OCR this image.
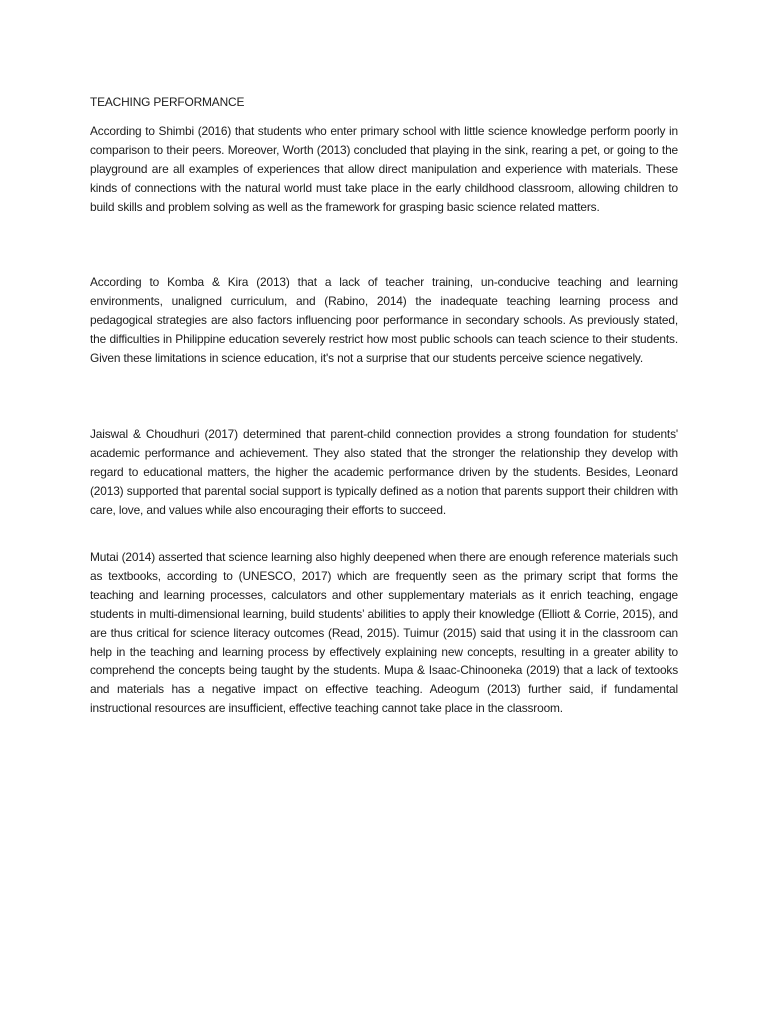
TEACHING PERFORMANCE

According to Shimbi (2016) that students who enter primary school with little science knowledge perform poorly in comparison to their peers. Moreover, Worth (2013) concluded that playing in the sink, rearing a pet, or going to the playground are all examples of experiences that allow direct manipulation and experience with materials. These kinds of connections with the natural world must take place in the early childhood classroom, allowing children to build skills and problem solving as well as the framework for grasping basic science related matters.

According to Komba & Kira (2013) that a lack of teacher training, un-conducive teaching and learning environments, unaligned curriculum, and (Rabino, 2014) the inadequate teaching learning process and pedagogical strategies are also factors influencing poor performance in secondary schools. As previously stated, the difficulties in Philippine education severely restrict how most public schools can teach science to their students. Given these limitations in science education, it's not a surprise that our students perceive science negatively.

Jaiswal & Choudhuri (2017) determined that parent-child connection provides a strong foundation for students' academic performance and achievement. They also stated that the stronger the relationship they develop with regard to educational matters, the higher the academic performance driven by the students. Besides, Leonard (2013) supported that parental social support is typically defined as a notion that parents support their children with care, love, and values while also encouraging their efforts to succeed.

Mutai (2014) asserted that science learning also highly deepened when there are enough reference materials such as textbooks, according to (UNESCO, 2017) which are frequently seen as the primary script that forms the teaching and learning processes, calculators and other supplementary materials as it enrich teaching, engage students in multi-dimensional learning, build students’ abilities to apply their knowledge (Elliott & Corrie, 2015), and are thus critical for science literacy outcomes (Read, 2015). Tuimur (2015) said that using it in the classroom can help in the teaching and learning process by effectively explaining new concepts, resulting in a greater ability to comprehend the concepts being taught by the students. Mupa & Isaac-Chinooneka (2019) that a lack of textooks and materials has a negative impact on effective teaching. Adeogum (2013) further said, if fundamental instructional resources are insufficient, effective teaching cannot take place in the classroom.
